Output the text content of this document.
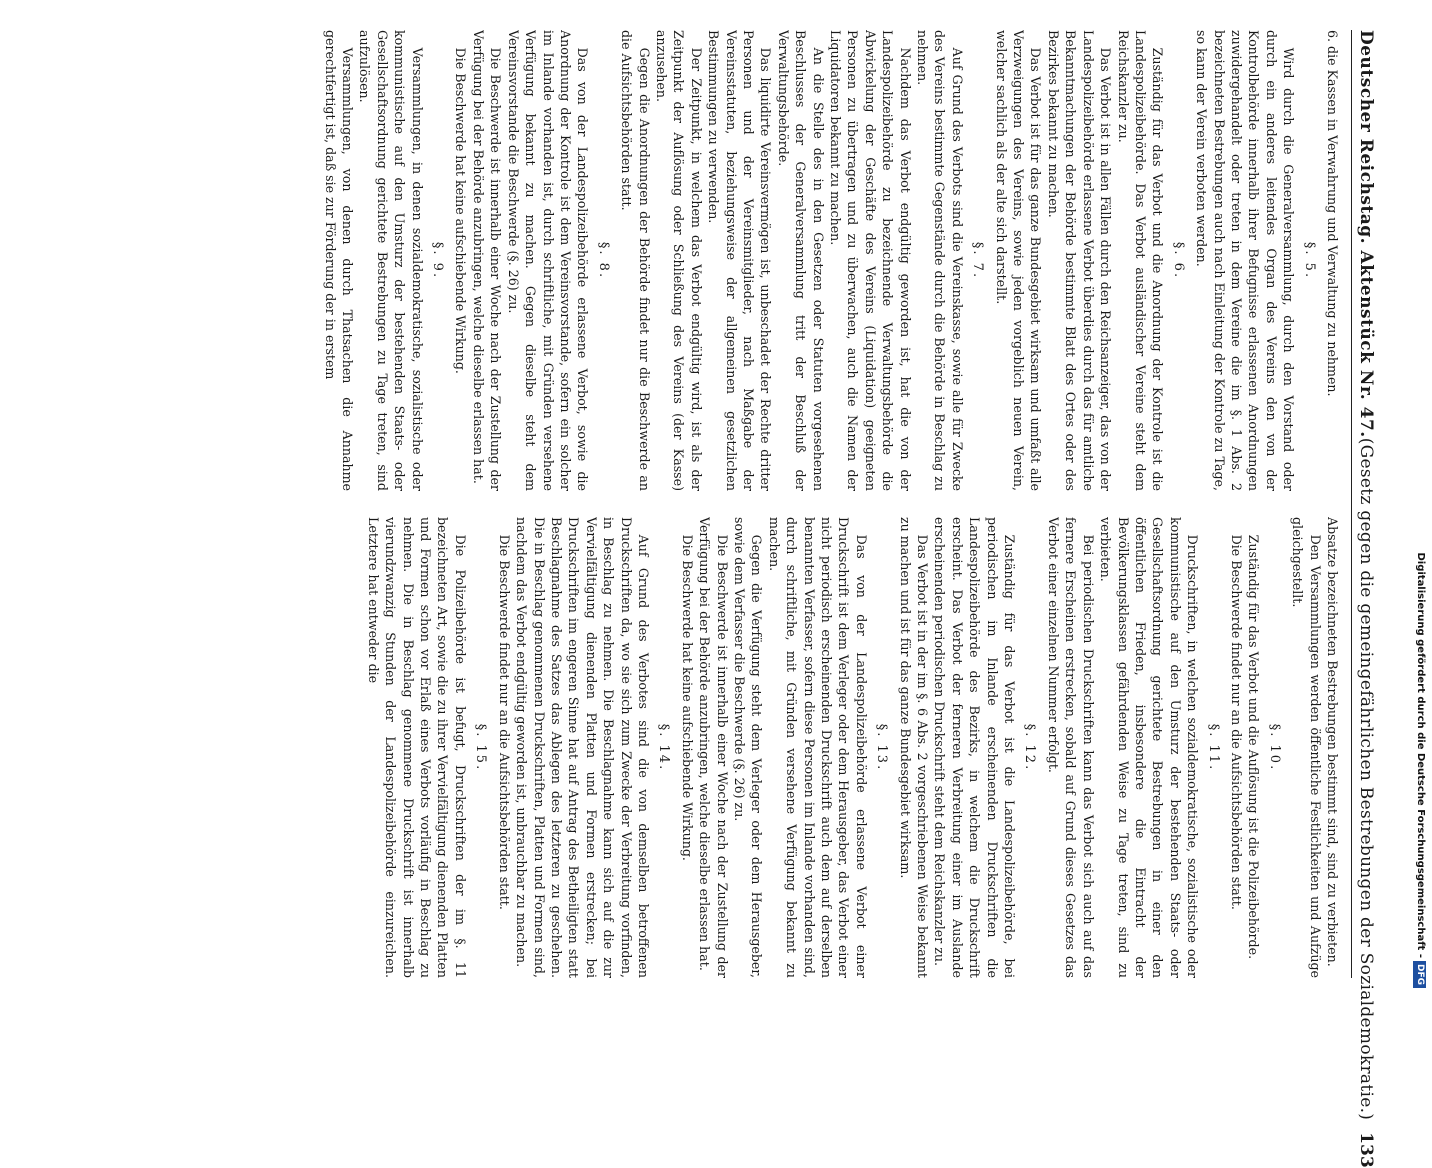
Deutscher Reichstag. Aktenstück Nr. 47.
(Gesetz gegen die gemeingefährlichen Bestrebungen der Sozialdemokratie.)
133

6. die Kassen in Verwahrung und Verwaltung zu nehmen.

§. 5.

Wird durch die Generalversammlung, durch den Vorstand oder durch ein anderes leitendes Organ des Vereins den von der Kontrolbehörde innerhalb ihrer Befugnisse erlassenen Anordnungen zuwidergehandelt oder treten in dem Vereine die im §. 1 Abs. 2 bezeichneten Bestrebungen auch nach Einleitung der Kontrole zu Tage, so kann der Verein verboten werden.

§. 6.

Zuständig für das Verbot und die Anordnung der Kontrole ist die Landespolizeibehörde. Das Verbot ausländischer Vereine steht dem Reichskanzler zu.

Das Verbot ist in allen Fällen durch den Reichsanzeiger, das von der Landespolizeibehörde erlassene Verbot überdies durch das für amtliche Bekanntmachungen der Behörde bestimmte Blatt des Ortes oder des Bezirkes bekannt zu machen.

Das Verbot ist für das ganze Bundesgebiet wirksam und umfaßt alle Verzweigungen des Vereins, sowie jeden vorgeblich neuen Verein, welcher sachlich als der alte sich darstellt.

§. 7.

Auf Grund des Verbots sind die Vereinskasse, sowie alle für Zwecke des Vereins bestimmte Gegenstände durch die Behörde in Beschlag zu nehmen.

Nachdem das Verbot endgültig geworden ist, hat die von der Landespolizeibehörde zu bezeichnende Verwaltungsbehörde die Abwickelung der Geschäfte des Vereins (Liquidation) geeigneten Personen zu übertragen und zu überwachen, auch die Namen der Liquidatoren bekannt zu machen.

An die Stelle des in den Gesetzen oder Statuten vorgesehenen Beschlusses der Generalversammlung tritt der Beschluß der Verwaltungsbehörde.

Das liquidirte Vereinsvermögen ist, unbeschadet der Rechte dritter Personen und der Vereinsmitglieder, nach Maßgabe der Vereinsstatuten, beziehungsweise der allgemeinen gesetzlichen Bestimmungen zu verwenden.

Der Zeitpunkt, in welchem das Verbot endgültig wird, ist als der Zeitpunkt der Auflösung oder Schließung des Vereins (der Kasse) anzusehen.

Gegen die Anordnungen der Behörde findet nur die Beschwerde an die Aufsichtsbehörden statt.

§. 8.

Das von der Landespolizeibehörde erlassene Verbot, sowie die Anordnung der Kontrole ist dem Vereinsvorstande, sofern ein solcher im Inlande vorhanden ist, durch schriftliche, mit Gründen versehene Verfügung bekannt zu machen. Gegen dieselbe steht dem Vereinsvorstande die Beschwerde (§. 26) zu.

Die Beschwerde ist innerhalb einer Woche nach der Zustellung der Verfügung bei der Behörde anzubringen, welche dieselbe erlassen hat.

Die Beschwerde hat keine aufschiebende Wirkung.

§. 9.

Versammlungen, in denen sozialdemokratische, sozialistische oder kommunistische auf den Umsturz der bestehenden Staats- oder Gesellschaftsordnung gerichtete Bestrebungen zu Tage treten, sind aufzulösen.

Versammlungen, von denen durch Thatsachen die Annahme gerechtfertigt ist, daß sie zur Förderung der in erstem

Absatze bezeichneten Bestrebungen bestimmt sind, sind zu verbieten.

Den Versammlungen werden öffentliche Festlichkeiten und Aufzüge gleichgestellt.

§. 10.

Zuständig für das Verbot und die Auflösung ist die Polizeibehörde.

Die Beschwerde findet nur an die Aufsichtsbehörden statt.

§. 11.

Druckschriften, in welchen sozialdemokratische, sozialistische oder kommunistische auf den Umsturz der bestehenden Staats- oder Gesellschaftsordnung gerichtete Bestrebungen in einer den öffentlichen Frieden, insbesondere die Eintracht der Bevölkerungsklassen gefährdenden Weise zu Tage treten, sind zu verbieten.

Bei periodischen Druckschriften kann das Verbot sich auch auf das fernere Erscheinen erstrecken, sobald auf Grund dieses Gesetzes das Verbot einer einzelnen Nummer erfolgt.

§. 12.

Zuständig für das Verbot ist die Landespolizeibehörde, bei periodischen im Inlande erscheinenden Druckschriften die Landespolizeibehörde des Bezirks, in welchem die Druckschrift erscheint. Das Verbot der ferneren Verbreitung einer im Auslande erscheinenden periodischen Druckschrift steht dem Reichskanzler zu.

Das Verbot ist in der im §. 6 Abs. 2 vorgeschriebenen Weise bekannt zu machen und ist für das ganze Bundesgebiet wirksam.

§. 13.

Das von der Landespolizeibehörde erlassene Verbot einer Druckschrift ist dem Verleger oder dem Herausgeber, das Verbot einer nicht periodisch erscheinenden Druckschrift auch dem auf derselben benannten Verfasser, sofern diese Personen im Inlande vorhanden sind, durch schriftliche, mit Gründen versehene Verfügung bekannt zu machen.

Gegen die Verfügung steht dem Verleger oder dem Herausgeber, sowie dem Verfasser die Beschwerde (§. 26) zu.

Die Beschwerde ist innerhalb einer Woche nach der Zustellung der Verfügung bei der Behörde anzubringen, welche dieselbe erlassen hat.

Die Beschwerde hat keine aufschiebende Wirkung.

§. 14.

Auf Grund des Verbotes sind die von demselben betroffenen Druckschriften da, wo sie sich zum Zwecke der Verbreitung vorfinden, in Beschlag zu nehmen. Die Beschlagnahme kann sich auf die zur Vervielfältigung dienenden Platten und Formen erstrecken; bei Druckschriften im engeren Sinne hat auf Antrag des Betheiligten statt Beschlagnahme des Satzes das Ablegen des letzteren zu geschehen. Die in Beschlag genommenen Druckschriften, Platten und Formen sind, nachdem das Verbot endgültig geworden ist, unbrauchbar zu machen.

Die Beschwerde findet nur an die Aufsichtsbehörden statt.

§. 15.

Die Polizeibehörde ist befugt, Druckschriften der im §. 11 bezeichneten Art, sowie die zu ihrer Vervielfältigung dienenden Platten und Formen schon vor Erlaß eines Verbots vorläufig in Beschlag zu nehmen. Die in Beschlag genommene Druckschrift ist innerhalb vierundzwanzig Stunden der Landespolizeibehörde einzureichen. Letztere hat entweder die	Digitalisierung gefördert durch die Deutsche Forschungsgemeinschaft -DFG
